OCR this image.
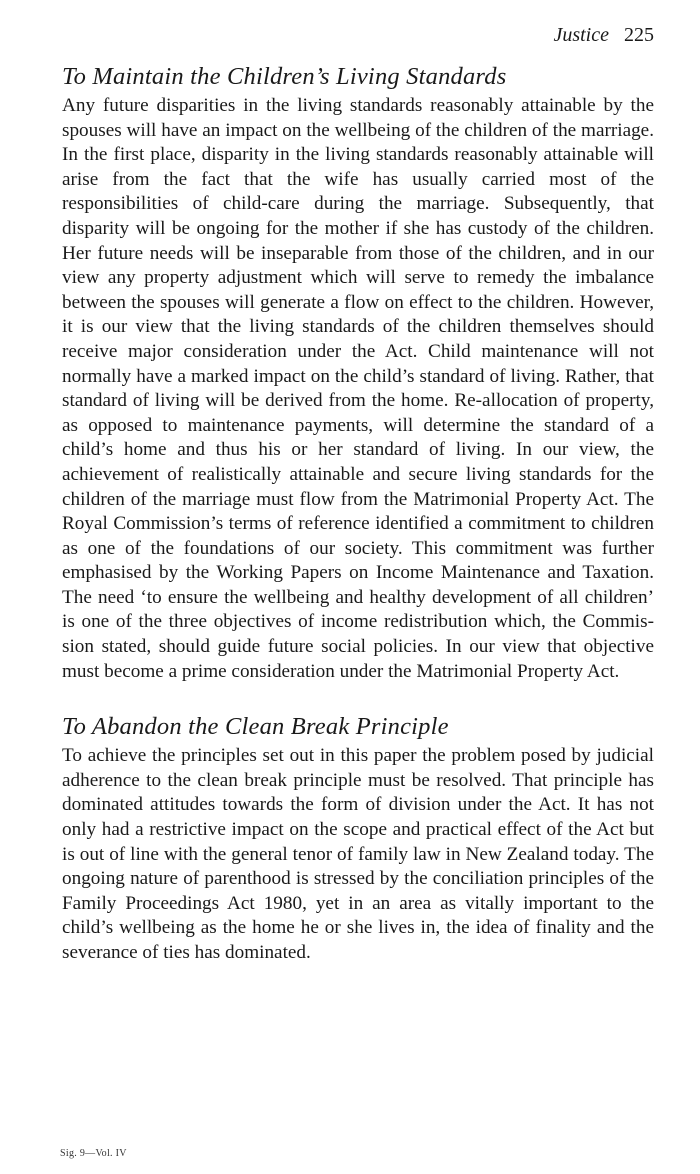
Justice 225
To Maintain the Children’s Living Standards

Any future disparities in the living standards reasonably attainable by the spouses will have an impact on the wellbeing of the children of the marriage. In the first place, disparity in the living standards reasonably attainable will arise from the fact that the wife has usually carried most of the responsibilities of child-care during the marriage. Subsequently, that disparity will be ongoing for the mother if she has custody of the children. Her future needs will be inseparable from those of the children, and in our view any property adjustment which will serve to remedy the imbalance between the spouses will generate a flow on effect to the children. However, it is our view that the living standards of the children themselves should receive major consideration under the Act. Child maintenance will not normally have a marked impact on the child’s standard of living. Rather, that standard of living will be derived from the home. Re-allocation of property, as opposed to maintenance payments, will determine the standard of a child’s home and thus his or her standard of living. In our view, the achievement of realistically attainable and secure living standards for the children of the marriage must flow from the Matrimonial Property Act. The Royal Commission’s terms of reference identified a commitment to children as one of the foundations of our society. This commitment was further emphasised by the Working Papers on Income Maintenance and Taxation. The need ‘to ensure the wellbeing and healthy development of all children’ is one of the three objectives of income redistribution which, the Commission stated, should guide future social policies. In our view that objective must become a prime consideration under the Matrimonial Property Act.

To Abandon the Clean Break Principle

To achieve the principles set out in this paper the problem posed by judicial adherence to the clean break principle must be resolved. That principle has dominated attitudes towards the form of division under the Act. It has not only had a restrictive impact on the scope and practical effect of the Act but is out of line with the general tenor of family law in New Zealand today. The ongoing nature of parenthood is stressed by the conciliation principles of the Family Proceedings Act 1980, yet in an area as vitally important to the child’s wellbeing as the home he or she lives in, the idea of finality and the severance of ties has dominated.

Sig. 9—Vol. IV
